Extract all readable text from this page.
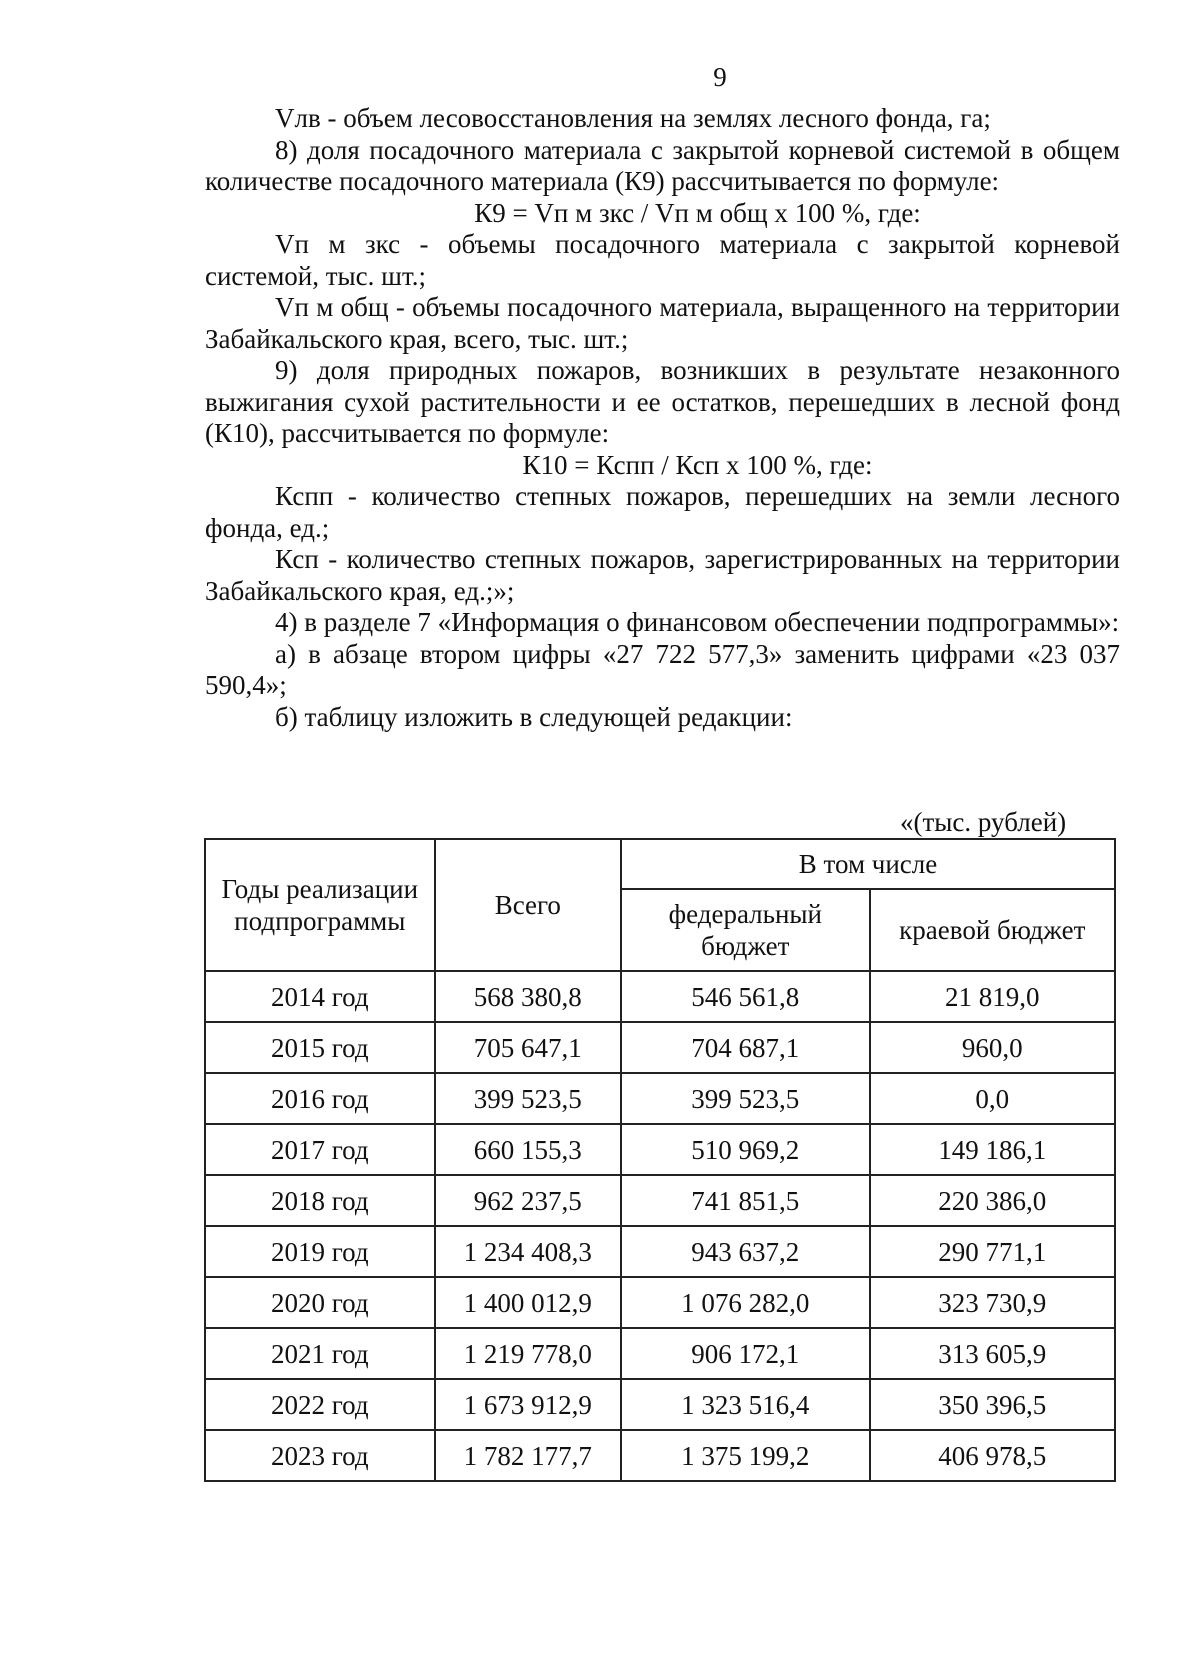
9

Vлв - объем лесовосстановления на землях лесного фонда, га;

8) доля посадочного материала с закрытой корневой системой в общем количестве посадочного материала (К9) рассчитывается по формуле:

К9 = Vп м зкс / Vп м общ х 100 %, где:

Vп м зкс - объемы посадочного материала с закрытой корневой системой, тыс. шт.;

Vп м общ - объемы посадочного материала, выращенного на территории Забайкальского края, всего, тыс. шт.;

9) доля природных пожаров, возникших в результате незаконного выжигания сухой растительности и ее остатков, перешедших в лесной фонд (К10), рассчитывается по формуле:

К10 = Кспп / Ксп х 100 %, где:

Кспп - количество степных пожаров, перешедших на земли лесного фонда, ед.;

Ксп - количество степных пожаров, зарегистрированных на территории Забайкальского края, ед.;»;

4) в разделе 7 «Информация о финансовом обеспечении подпрограммы»:

а) в абзаце втором цифры «27 722 577,3» заменить цифрами «23 037 590,4»;

б) таблицу изложить в следующей редакции:

«(тыс. рублей)
Годы реализации подпрограммы	Всего	В том числе	
		федеральный бюджет	краевой бюджет
2014 год	568 380,8	546 561,8	21 819,0
2015 год	705 647,1	704 687,1	960,0
2016 год	399 523,5	399 523,5	0,0
2017 год	660 155,3	510 969,2	149 186,1
2018 год	962 237,5	741 851,5	220 386,0
2019 год	1 234 408,3	943 637,2	290 771,1
2020 год	1 400 012,9	1 076 282,0	323 730,9
2021 год	1 219 778,0	906 172,1	313 605,9
2022 год	1 673 912,9	1 323 516,4	350 396,5
2023 год	1 782 177,7	1 375 199,2	406 978,5
